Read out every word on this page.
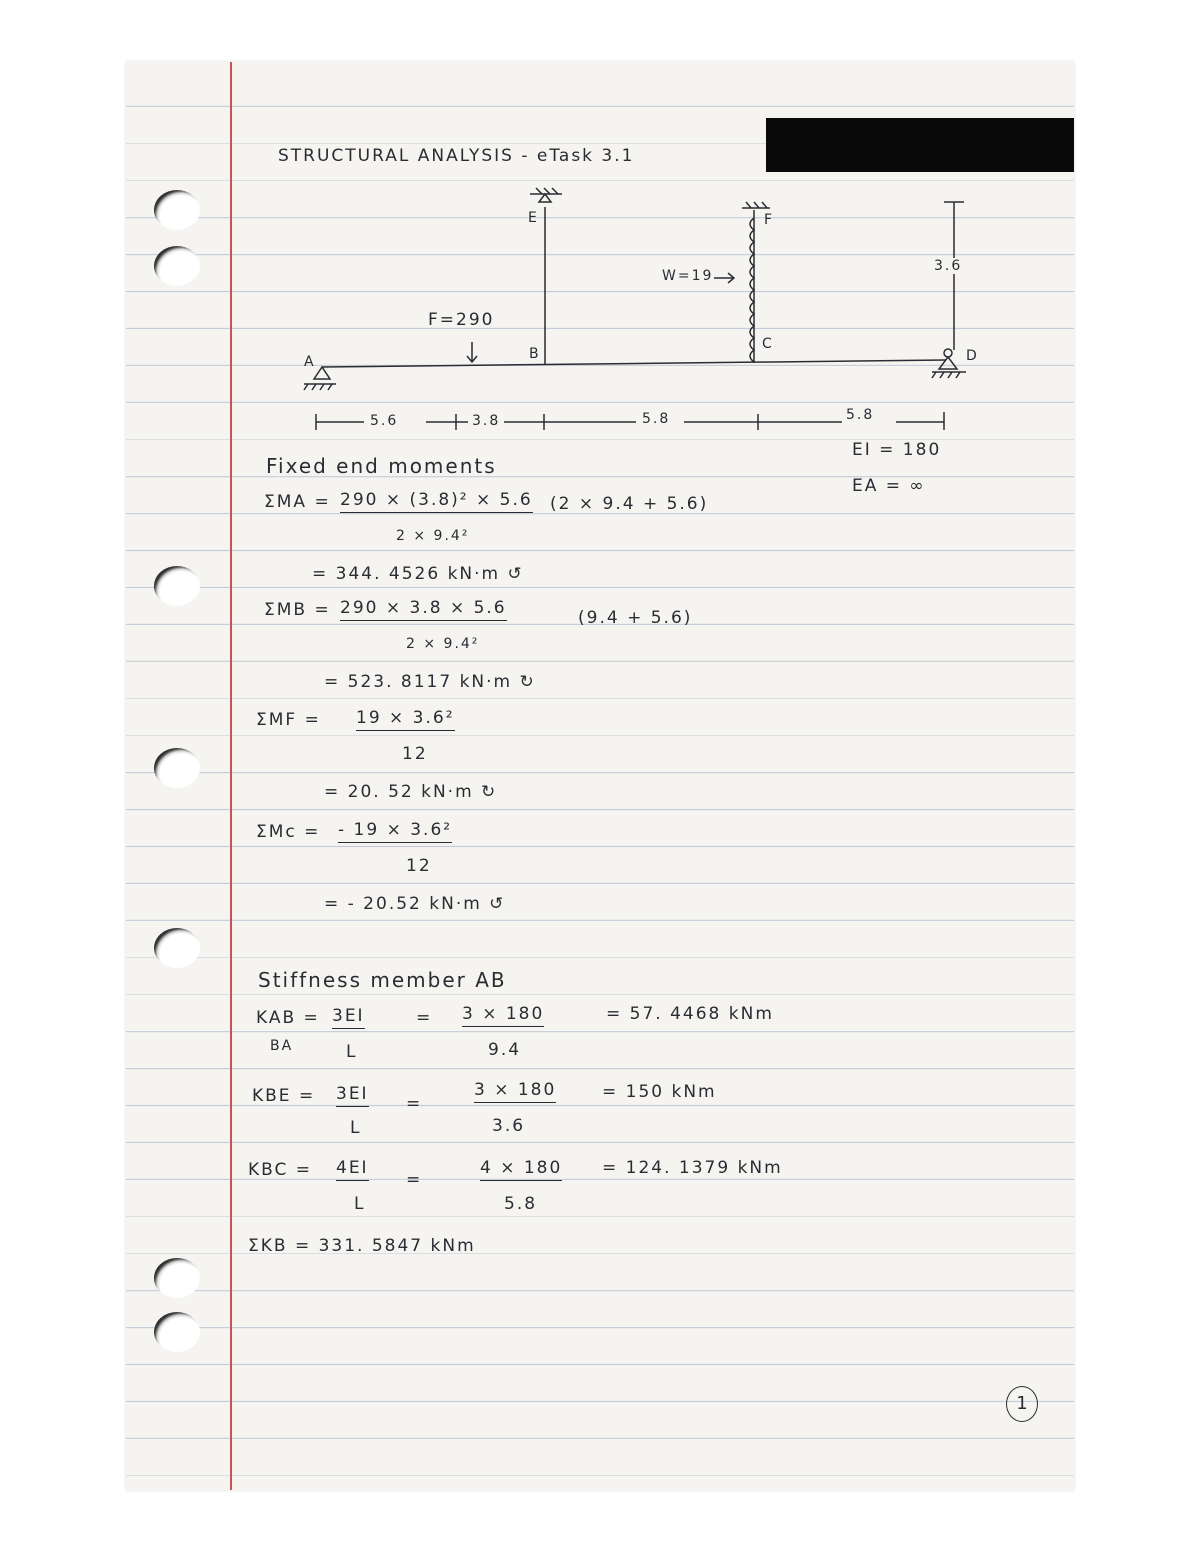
STRUCTURAL ANALYSIS - eTask 3.1
A	B
C
D
E	F
F=290
W=19
3.6
5.6	3.8	5.8	5.8
EI = 180
EA = ∞
Fixed end moments
ΣMA = 290 × (3.8)² × 5.6 (2 × 9.4 + 5.6)
2 × 9.4²
= 344. 4526 kN·m ↺
ΣMB = 290 × 3.8 × 5.6	(9.4 + 5.6)
2 × 9.4²
= 523. 8117 kN·m ↻
ΣMF = 19 × 3.6²
12
= 20. 52 kN·m ↻
ΣMc = - 19 × 3.6²
12
= - 20.52 kN·m ↺
Stiffness member AB
KAB =
BA
3EI
L
= 3 × 180
9.4
= 57. 4468 kNm
KBE = 3EI
L
=
3 × 180
3.6
= 150 kNm
KBC = 4EI
L
=
4 × 180
5.8
= 124. 1379 kNm
ΣKB = 331. 5847 kNm
1
